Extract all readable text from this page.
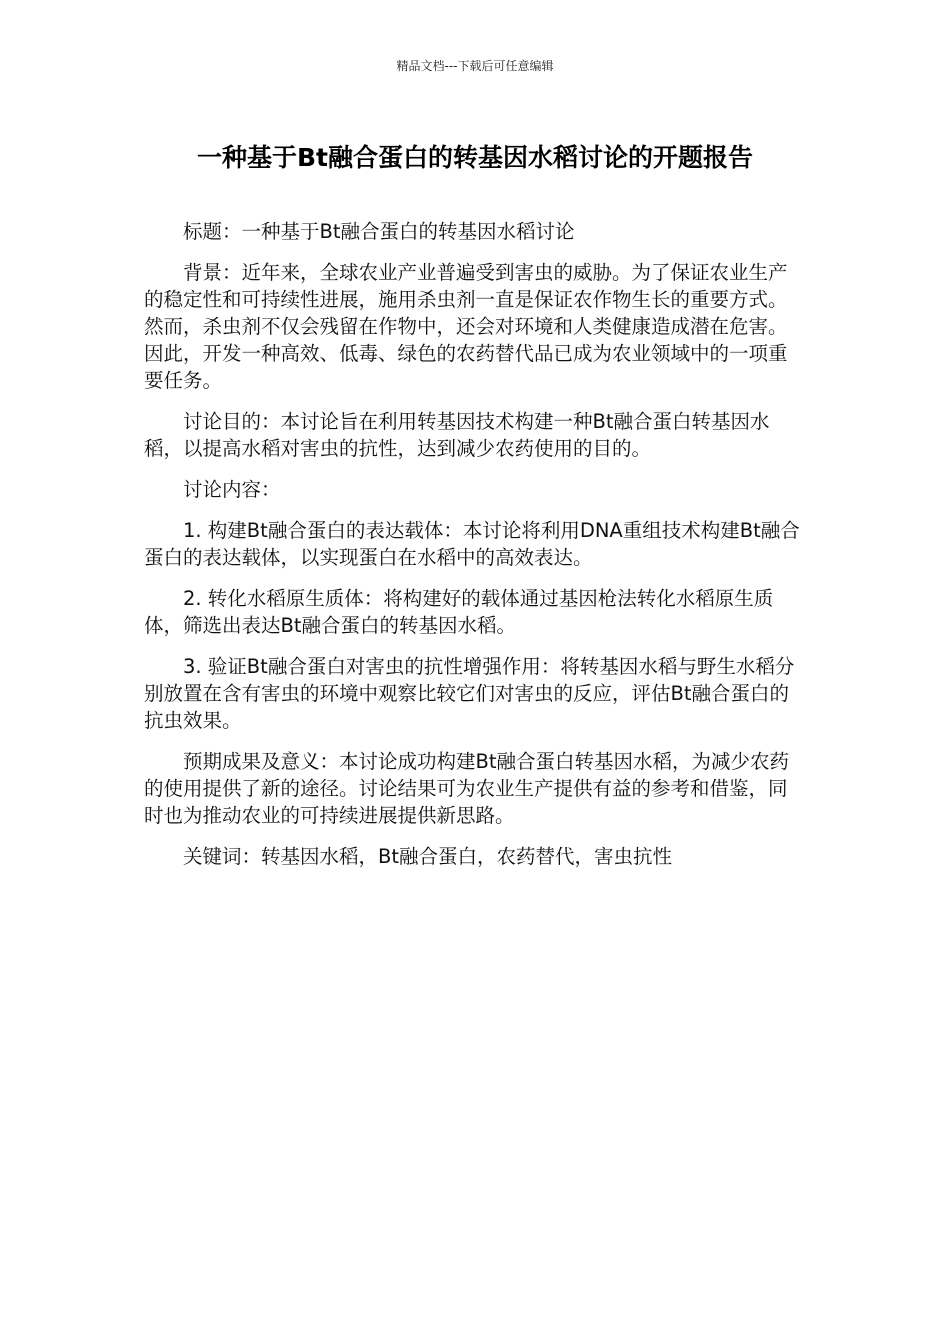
精品文档---下载后可任意编辑
一种基于Bt融合蛋白的转基因水稻讨论的开题报告

标题：一种基于Bt融合蛋白的转基因水稻讨论

背景：近年来，全球农业产业普遍受到害虫的威胁。为了保证农业生产的稳定性和可持续性进展，施用杀虫剂一直是保证农作物生长的重要方式。然而，杀虫剂不仅会残留在作物中，还会对环境和人类健康造成潜在危害。因此，开发一种高效、低毒、绿色的农药替代品已成为农业领域中的一项重要任务。

讨论目的：本讨论旨在利用转基因技术构建一种Bt融合蛋白转基因水稻，以提高水稻对害虫的抗性，达到减少农药使用的目的。

讨论内容：

1. 构建Bt融合蛋白的表达载体：本讨论将利用DNA重组技术构建Bt融合蛋白的表达载体，以实现蛋白在水稻中的高效表达。

2. 转化水稻原生质体：将构建好的载体通过基因枪法转化水稻原生质体，筛选出表达Bt融合蛋白的转基因水稻。

3. 验证Bt融合蛋白对害虫的抗性增强作用：将转基因水稻与野生水稻分别放置在含有害虫的环境中观察比较它们对害虫的反应，评估Bt融合蛋白的抗虫效果。

预期成果及意义：本讨论成功构建Bt融合蛋白转基因水稻，为减少农药的使用提供了新的途径。讨论结果可为农业生产提供有益的参考和借鉴，同时也为推动农业的可持续进展提供新思路。

关键词：转基因水稻，Bt融合蛋白，农药替代，害虫抗性
